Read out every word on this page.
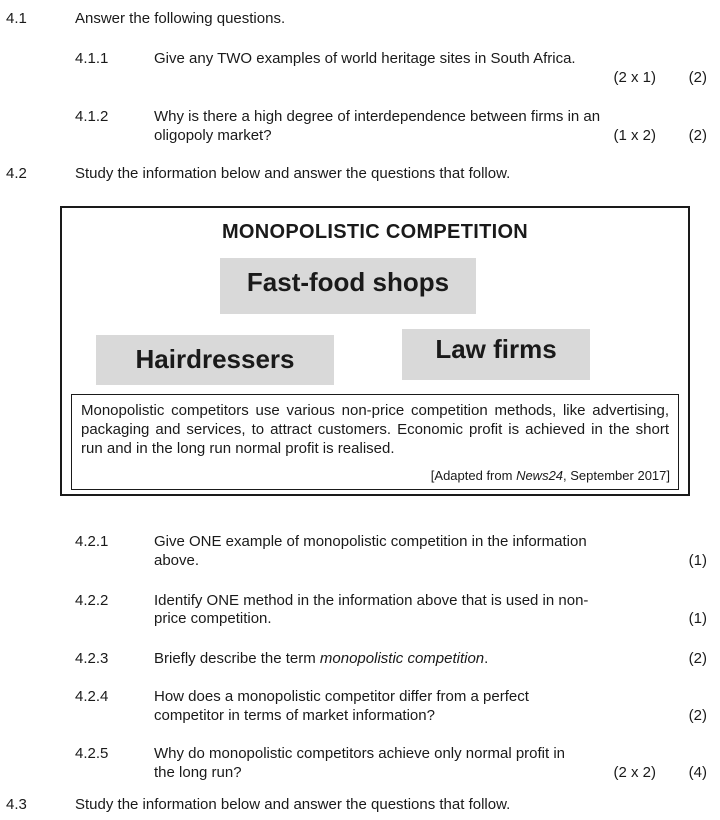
4.1	Answer the following questions.
4.1.1	Give any TWO examples of world heritage sites in South Africa.
(2 x 1)	(2)
4.1.2	Why is there a high degree of interdependence between firms in an
oligopoly market?	(1 x 2)	(2)
4.2	Study the information below and answer the questions that follow.
MONOPOLISTIC COMPETITION
Fast-food shops
Hairdressers	Law firms
Monopolistic competitors use various non-price competition methods, like advertising, packaging and services, to attract customers. Economic profit is achieved in the short run and in the long run normal profit is realised.
[Adapted from News24, September 2017]
4.2.1	Give ONE example of monopolistic competition in the information
above.	(1)
4.2.2	Identify ONE method in the information above that is used in non-
price competition.	(1)
4.2.3	Briefly describe the term monopolistic competition.	(2)
4.2.4	How does a monopolistic competitor differ from a perfect
competitor in terms of market information?	(2)
4.2.5	Why do monopolistic competitors achieve only normal profit in
the long run?	(2 x 2)	(4)
4.3	Study the information below and answer the questions that follow.
